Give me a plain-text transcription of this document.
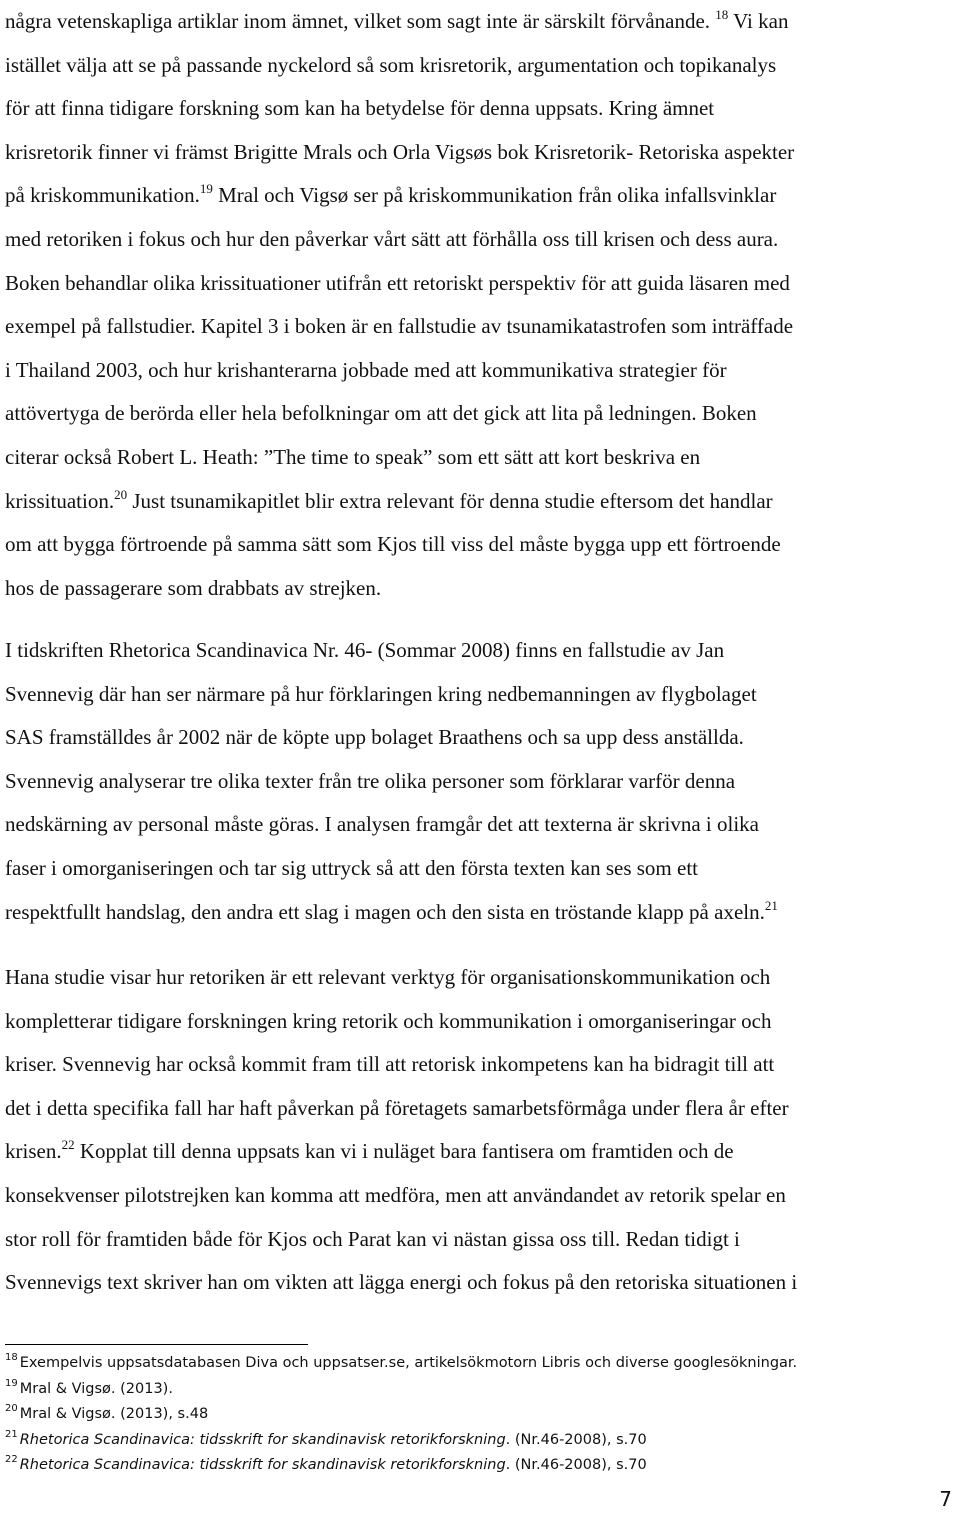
några vetenskapliga artiklar inom ämnet, vilket som sagt inte är särskilt förvånande. $^{18}$ Vi kan
istället välja att se på passande nyckelord så som krisretorik, argumentation och topikanalys
för att finna tidigare forskning som kan ha betydelse för denna uppsats. Kring ämnet
krisretorik finner vi främst Brigitte Mrals och Orla Vigsøs bok Krisretorik- Retoriska aspekter
på kriskommunikation.$^{19}$ Mral och Vigsø ser på kriskommunikation från olika infallsvinklar
med retoriken i fokus och hur den påverkar vårt sätt att förhålla oss till krisen och dess aura.
Boken behandlar olika krissituationer utifrån ett retoriskt perspektiv för att guida läsaren med
exempel på fallstudier. Kapitel 3 i boken är en fallstudie av tsunamikatastrofen som inträffade
i Thailand 2003, och hur krishanterarna jobbade med att kommunikativa strategier för
attövertyga de berörda eller hela befolkningar om att det gick att lita på ledningen. Boken
citerar också Robert L. Heath: ”The time to speak” som ett sätt att kort beskriva en
krissituation.$^{20}$ Just tsunamikapitlet blir extra relevant för denna studie eftersom det handlar
om att bygga förtroende på samma sätt som Kjos till viss del måste bygga upp ett förtroende
hos de passagerare som drabbats av strejken.
I tidskriften Rhetorica Scandinavica Nr. 46- (Sommar 2008) finns en fallstudie av Jan
Svennevig där han ser närmare på hur förklaringen kring nedbemanningen av flygbolaget
SAS framställdes år 2002 när de köpte upp bolaget Braathens och sa upp dess anställda.
Svennevig analyserar tre olika texter från tre olika personer som förklarar varför denna
nedskärning av personal måste göras. I analysen framgår det att texterna är skrivna i olika
faser i omorganiseringen och tar sig uttryck så att den första texten kan ses som ett
respektfullt handslag, den andra ett slag i magen och den sista en tröstande klapp på axeln.$^{21}$
Hana studie visar hur retoriken är ett relevant verktyg för organisationskommunikation och
kompletterar tidigare forskningen kring retorik och kommunikation i omorganiseringar och
kriser. Svennevig har också kommit fram till att retorisk inkompetens kan ha bidragit till att
det i detta specifika fall har haft påverkan på företagets samarbetsförmåga under flera år efter
krisen.$^{22}$ Kopplat till denna uppsats kan vi i nuläget bara fantisera om framtiden och de
konsekvenser pilotstrejken kan komma att medföra, men att användandet av retorik spelar en
stor roll för framtiden både för Kjos och Parat kan vi nästan gissa oss till. Redan tidigt i
Svennevigs text skriver han om vikten att lägga energi och fokus på den retoriska situationen i
$^{18}$ Exempelvis uppsatsdatabasen Diva och uppsatser.se, artikelsökmotorn Libris och diverse googlesökningar.
$^{19}$ Mral & Vigsø. (2013).
$^{20}$ Mral & Vigsø. (2013), s.48
$^{21}$ Rhetorica Scandinavica: tidsskrift for skandinavisk retorikforskning. (Nr.46-2008), s.70
$^{22}$ Rhetorica Scandinavica: tidsskrift for skandinavisk retorikforskning. (Nr.46-2008), s.70
7
